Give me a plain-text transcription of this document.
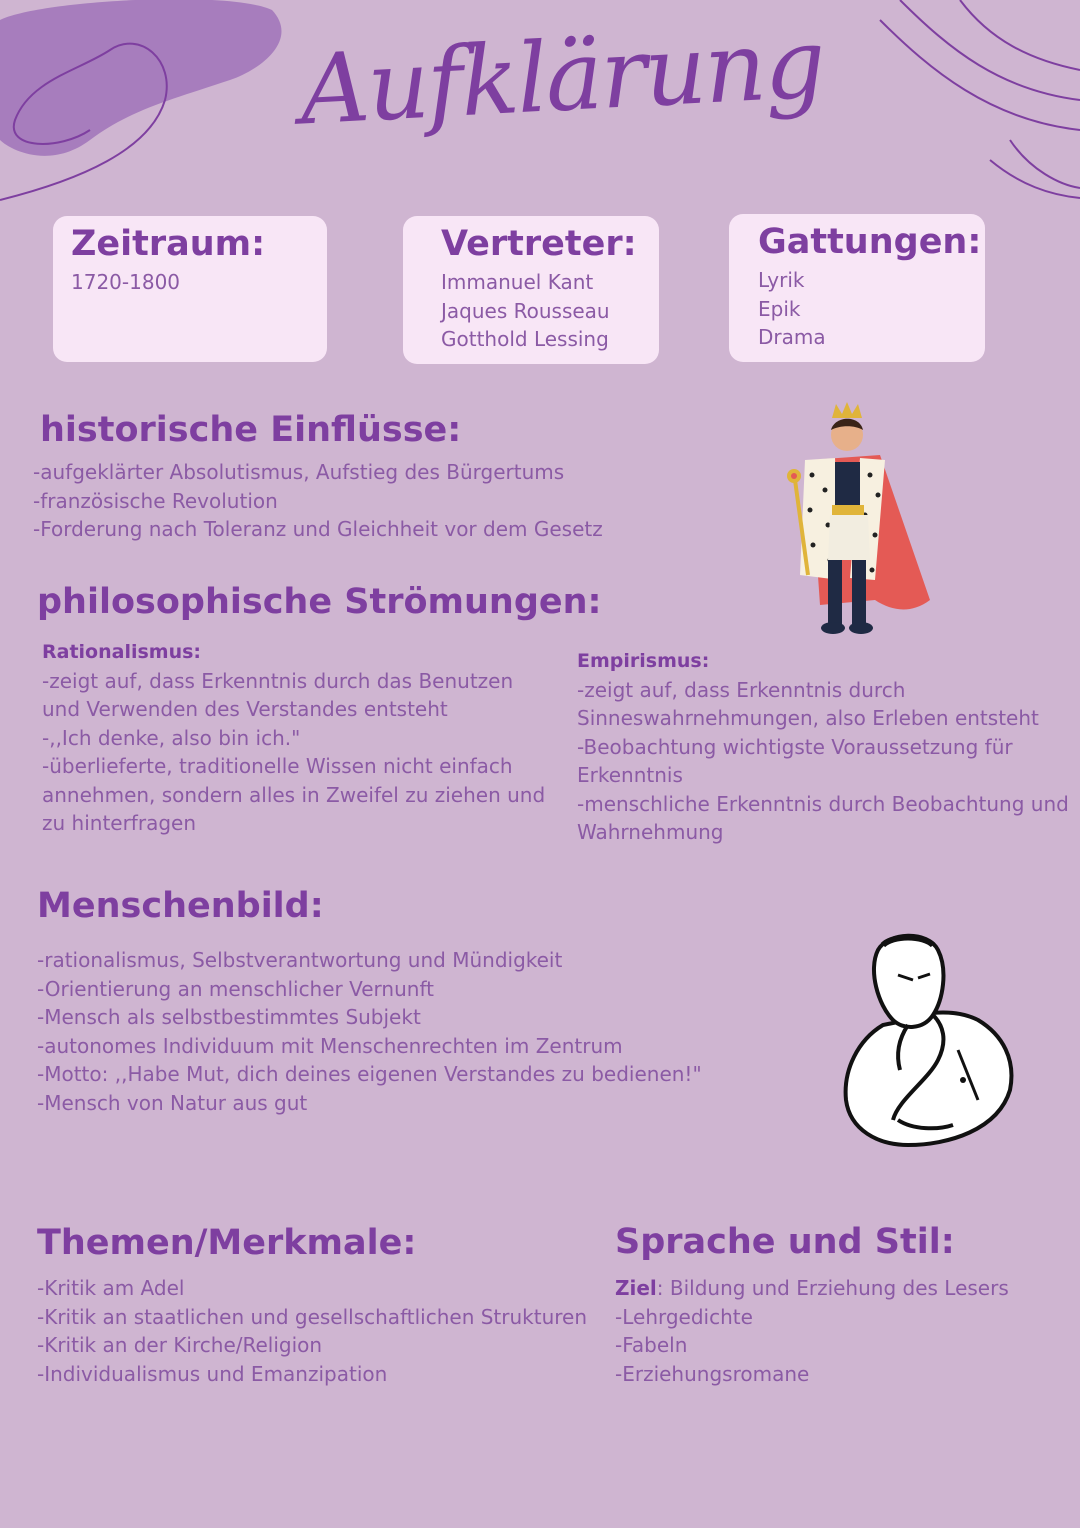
Aufklärung
Zeitraum:
1720-1800
Vertreter:
Immanuel Kant
Jaques Rousseau
Gotthold Lessing
Gattungen:
Lyrik
Epik
Drama
historische Einflüsse:
-aufgeklärter Absolutismus, Aufstieg des Bürgertums
-französische Revolution
-Forderung nach Toleranz und Gleichheit vor dem Gesetz
philosophische Strömungen:
Rationalismus:
-zeigt auf, dass Erkenntnis durch das Benutzen
und Verwenden des Verstandes entsteht
-,,Ich denke, also bin ich."
-überlieferte, traditionelle Wissen nicht einfach
annehmen, sondern alles in Zweifel zu ziehen und
zu hinterfragen
Empirismus:
-zeigt auf, dass Erkenntnis durch
Sinneswahrnehmungen, also Erleben entsteht
-Beobachtung wichtigste Voraussetzung für
Erkenntnis
-menschliche Erkenntnis durch Beobachtung und
Wahrnehmung
Menschenbild:
-rationalismus, Selbstverantwortung und Mündigkeit
-Orientierung an menschlicher Vernunft
-Mensch als selbstbestimmtes Subjekt
-autonomes Individuum mit Menschenrechten im Zentrum
-Motto: ,,Habe Mut, dich deines eigenen Verstandes zu bedienen!"
-Mensch von Natur aus gut
Themen/Merkmale:
-Kritik am Adel
-Kritik an staatlichen und gesellschaftlichen Strukturen
-Kritik an der Kirche/Religion
-Individualismus und Emanzipation
Sprache und Stil:
Ziel: Bildung und Erziehung des Lesers
-Lehrgedichte
-Fabeln
-Erziehungsromane
